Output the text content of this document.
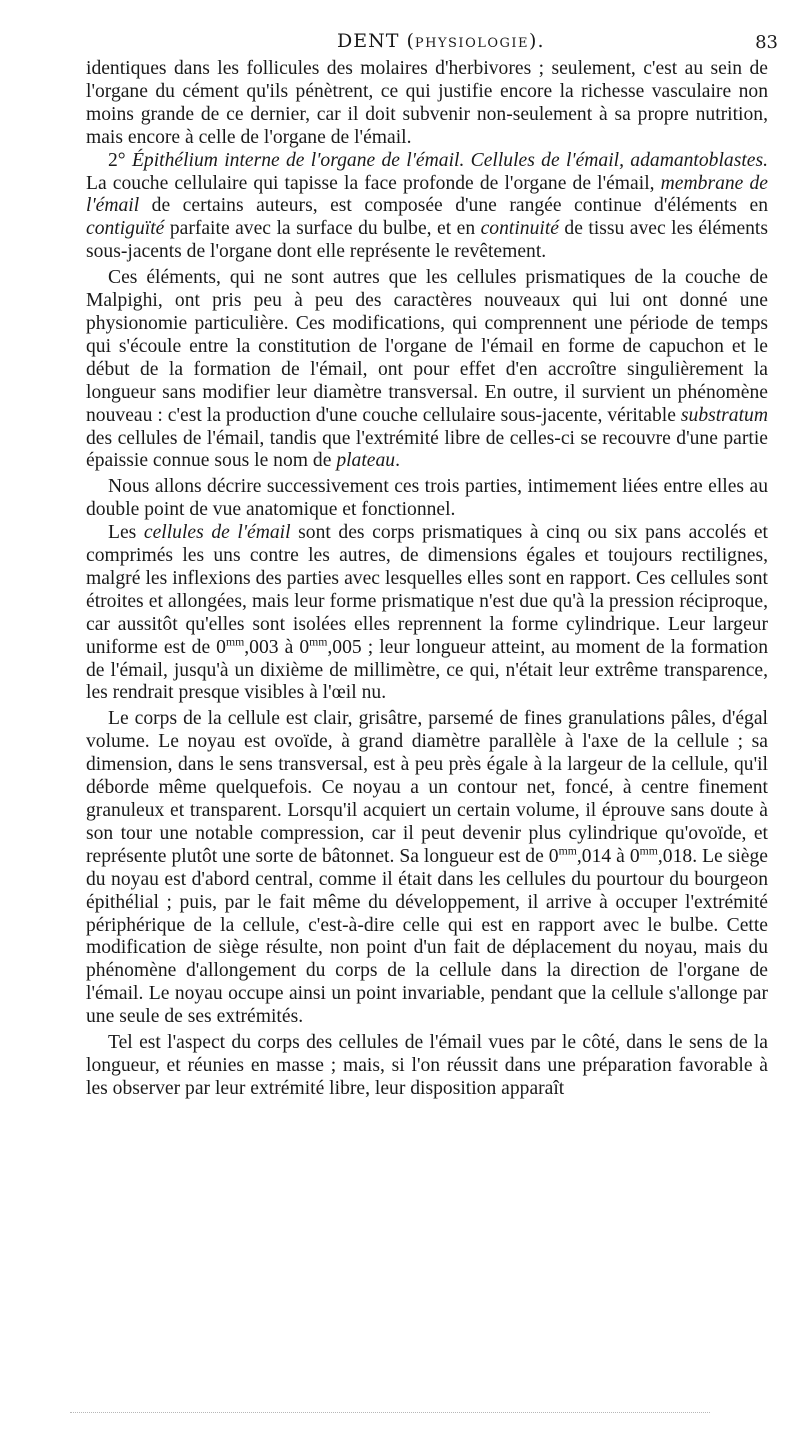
DENT (PHYSIOLOGIE).	83

identiques dans les follicules des molaires d'herbivores ; seulement, c'est au sein de l'organe du cément qu'ils pénètrent, ce qui justifie encore la richesse vasculaire non moins grande de ce dernier, car il doit subvenir non-seulement à sa propre nutrition, mais encore à celle de l'organe de l'émail.

2° Épithélium interne de l'organe de l'émail. Cellules de l'émail, adamantoblastes. La couche cellulaire qui tapisse la face profonde de l'organe de l'émail, membrane de l'émail de certains auteurs, est composée d'une rangée continue d'éléments en contiguïté parfaite avec la surface du bulbe, et en continuité de tissu avec les éléments sous-jacents de l'organe dont elle représente le revêtement.

Ces éléments, qui ne sont autres que les cellules prismatiques de la couche de Malpighi, ont pris peu à peu des caractères nouveaux qui lui ont donné une physionomie particulière. Ces modifications, qui comprennent une période de temps qui s'écoule entre la constitution de l'organe de l'émail en forme de capuchon et le début de la formation de l'émail, ont pour effet d'en accroître singulièrement la longueur sans modifier leur diamètre transversal. En outre, il survient un phénomène nouveau : c'est la production d'une couche cellulaire sous-jacente, véritable substratum des cellules de l'émail, tandis que l'extrémité libre de celles-ci se recouvre d'une partie épaissie connue sous le nom de plateau.

Nous allons décrire successivement ces trois parties, intimement liées entre elles au double point de vue anatomique et fonctionnel.

Les cellules de l'émail sont des corps prismatiques à cinq ou six pans accolés et comprimés les uns contre les autres, de dimensions égales et toujours rectilignes, malgré les inflexions des parties avec lesquelles elles sont en rapport. Ces cellules sont étroites et allongées, mais leur forme prismatique n'est due qu'à la pression réciproque, car aussitôt qu'elles sont isolées elles reprennent la forme cylindrique. Leur largeur uniforme est de $0^{mm},003$ à $0^{mm},005$ ; leur longueur atteint, au moment de la formation de l'émail, jusqu'à un dixième de millimètre, ce qui, n'était leur extrême transparence, les rendrait presque visibles à l'œil nu.

Le corps de la cellule est clair, grisâtre, parsemé de fines granulations pâles, d'égal volume. Le noyau est ovoïde, à grand diamètre parallèle à l'axe de la cellule ; sa dimension, dans le sens transversal, est à peu près égale à la largeur de la cellule, qu'il déborde même quelquefois. Ce noyau a un contour net, foncé, à centre finement granuleux et transparent. Lorsqu'il acquiert un certain volume, il éprouve sans doute à son tour une notable compression, car il peut devenir plus cylindrique qu'ovoïde, et représente plutôt une sorte de bâtonnet. Sa longueur est de $0^{mm},014$ à $0^{mm},018$. Le siège du noyau est d'abord central, comme il était dans les cellules du pourtour du bourgeon épithélial ; puis, par le fait même du développement, il arrive à occuper l'extrémité périphérique de la cellule, c'est-à-dire celle qui est en rapport avec le bulbe. Cette modification de siège résulte, non point d'un fait de déplacement du noyau, mais du phénomène d'allongement du corps de la cellule dans la direction de l'organe de l'émail. Le noyau occupe ainsi un point invariable, pendant que la cellule s'allonge par une seule de ses extrémités.

Tel est l'aspect du corps des cellules de l'émail vues par le côté, dans le sens de la longueur, et réunies en masse ; mais, si l'on réussit dans une préparation favorable à les observer par leur extrémité libre, leur disposition apparaît
